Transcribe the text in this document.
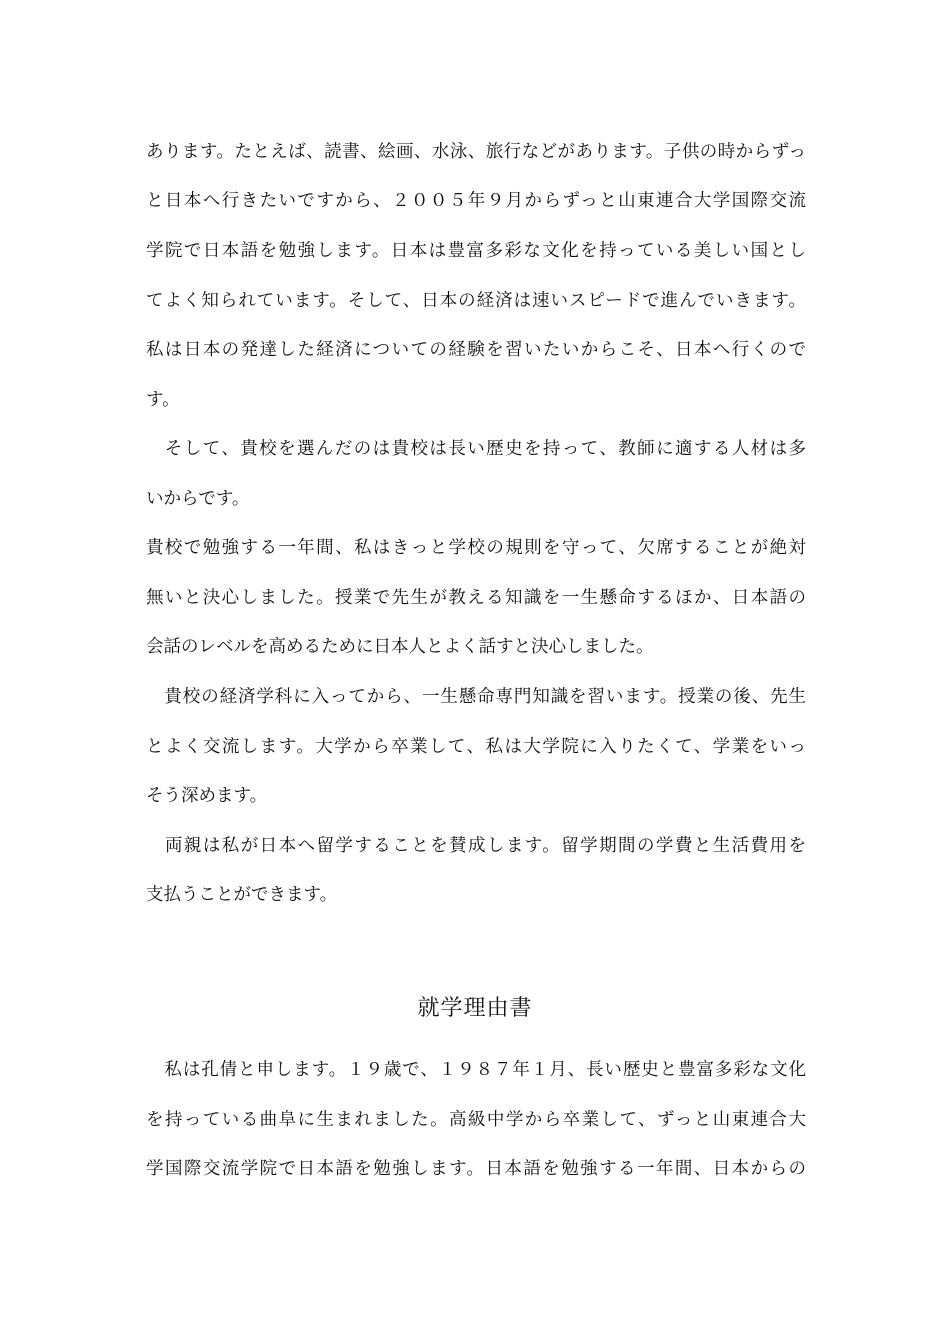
あります。たとえば、読書、絵画、水泳、旅行などがあります。子供の時からずっ
と日本へ行きたいですから、２００５年９月からずっと山東連合大学国際交流
学院で日本語を勉強します。日本は豊富多彩な文化を持っている美しい国とし
てよく知られています。そして、日本の経済は速いスピードで進んでいきます。
私は日本の発達した経済についての経験を習いたいからこそ、日本へ行くので
す。
　そして、貴校を選んだのは貴校は長い歴史を持って、教師に適する人材は多
いからです。
貴校で勉強する一年間、私はきっと学校の規則を守って、欠席することが絶対
無いと決心しました。授業で先生が教える知識を一生懸命するほか、日本語の
会話のレベルを高めるために日本人とよく話すと決心しました。
　貴校の経済学科に入ってから、一生懸命専門知識を習います。授業の後、先生
とよく交流します。大学から卒業して、私は大学院に入りたくて、学業をいっ
そう深めます。
　両親は私が日本へ留学することを賛成します。留学期間の学費と生活費用を
支払うことができます。
就学理由書
　私は孔倩と申します。１９歳で、１９８７年１月、長い歴史と豊富多彩な文化
を持っている曲阜に生まれました。高級中学から卒業して、ずっと山東連合大
学国際交流学院で日本語を勉強します。日本語を勉強する一年間、日本からの
